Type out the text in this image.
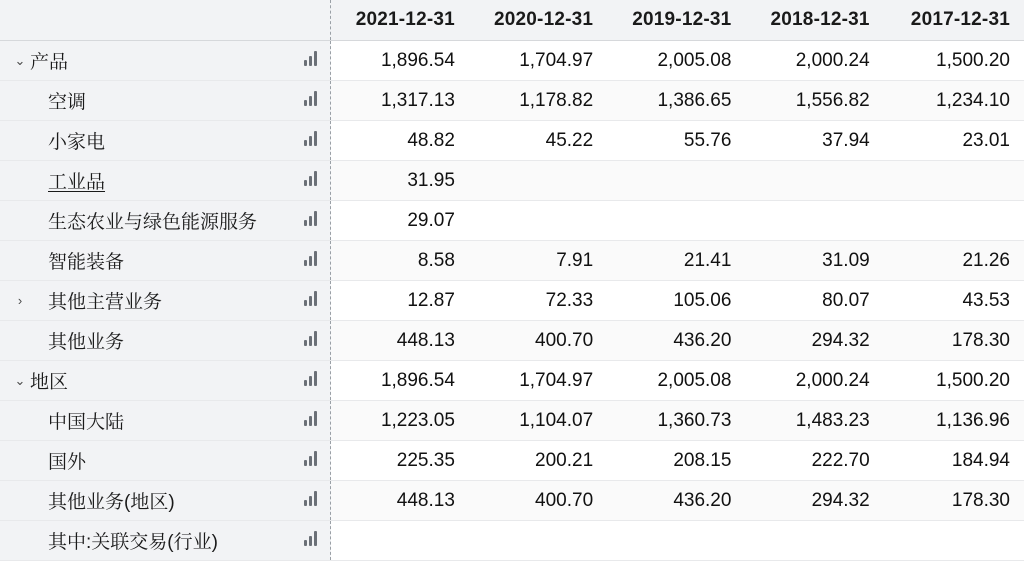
		2021-12-31	2020-12-31	2019-12-31	2018-12-31	2017-12-31

⌄ 产品		1,896.54	1,704.97	2,005.08	2,000.24	1,500.20

空调		1,317.13	1,178.82	1,386.65	1,556.82	1,234.10

小家电		48.82	45.22	55.76	37.94	23.01

工业品		31.95				

生态农业与绿色能源服务		29.07				

智能装备		8.58	7.91	21.41	31.09	21.26

› 其他主营业务		12.87	72.33	105.06	80.07	43.53

其他业务		448.13	400.70	436.20	294.32	178.30

⌄ 地区		1,896.54	1,704.97	2,005.08	2,000.24	1,500.20

中国大陆		1,223.05	1,104.07	1,360.73	1,483.23	1,136.96

国外		225.35	200.21	208.15	222.70	184.94

其他业务(地区)		448.13	400.70	436.20	294.32	178.30

其中:关联交易(行业)						
